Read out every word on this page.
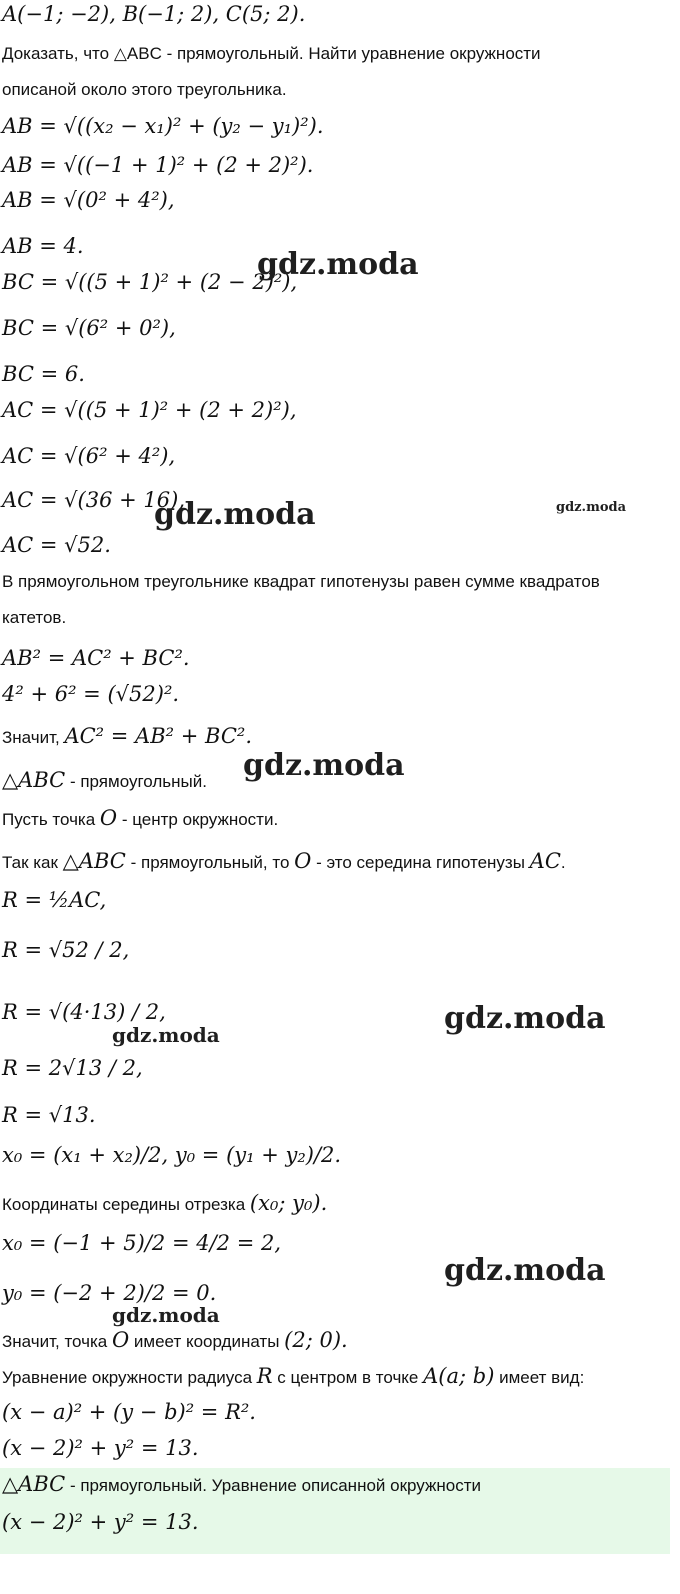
A(−1; −2), B(−1; 2), C(5; 2).
Доказать, что △ABC - прямоугольный. Найти уравнение окружности
описаной около этого треугольника.
AB = √((x₂ − x₁)² + (y₂ − y₁)²).
AB = √((−1 + 1)² + (2 + 2)²).
AB = √(0² + 4²),
AB = 4.
BC = √((5 + 1)² + (2 − 2)²),
BC = √(6² + 0²),
BC = 6.
AC = √((5 + 1)² + (2 + 2)²),
AC = √(6² + 4²),
AC = √(36 + 16),
AC = √52.
В прямоугольном треугольнике квадрат гипотенузы равен сумме квадратов
катетов.
AB² = AC² + BC².
4² + 6² = (√52)².
Значит, AC² = AB² + BC².
△ABC - прямоугольный.
Пусть точка O - центр окружности.
Так как △ABC - прямоугольный, то O - это середина гипотенузы AC.
R = ½AC,
R = √52 / 2,
R = √(4·13) / 2,
R = 2√13 / 2,
R = √13.
x₀ = (x₁ + x₂)/2, y₀ = (y₁ + y₂)/2.
Координаты середины отрезка (x₀; y₀).
x₀ = (−1 + 5)/2 = 4/2 = 2,
y₀ = (−2 + 2)/2 = 0.
Значит, точка O имеет координаты (2; 0).
Уравнение окружности радиуса R с центром в точке A(a; b) имеет вид:
(x − a)² + (y − b)² = R².
(x − 2)² + y² = 13.
△ABC - прямоугольный. Уравнение описанной окружности
(x − 2)² + y² = 13.
gdz.moda
gdz.moda	gdz.moda
gdz.moda
gdz.moda
gdz.moda
gdz.moda
gdz.moda
